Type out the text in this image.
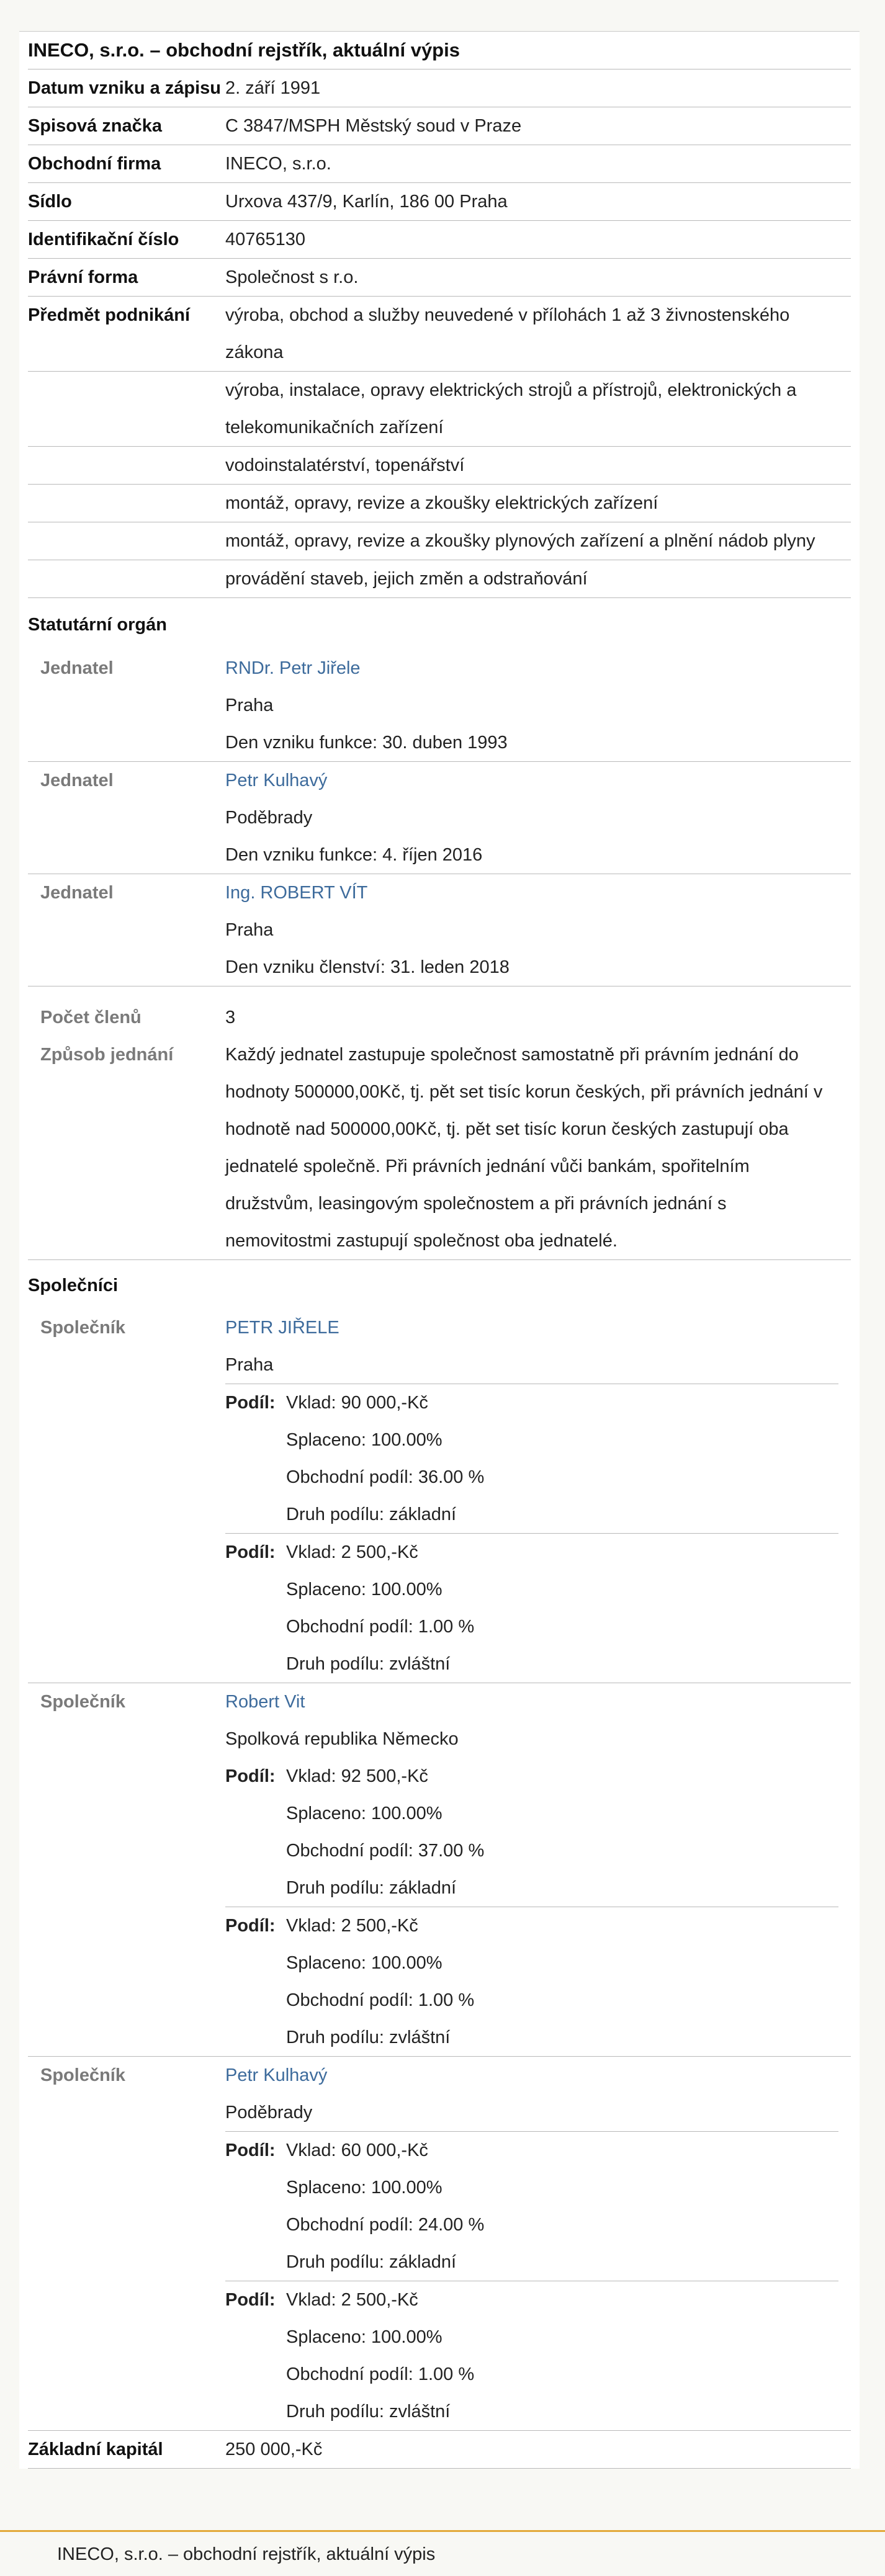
INECO, s.r.o. – obchodní rejstřík, aktuální výpis
Datum vzniku a zápisu 2. září 1991
Spisová značka	C 3847/MSPH Městský soud v Praze
Obchodní firma	INECO, s.r.o.
Sídlo	Urxova 437/9, Karlín, 186 00 Praha
Identifikační číslo	40765130
Právní forma	Společnost s r.o.
Předmět podnikání	výroba, obchod a služby neuvedené v přílohách 1 až 3 živnostenského zákona
výroba, instalace, opravy elektrických strojů a přístrojů, elektronických a telekomunikačních zařízení
vodoinstalatérství, topenářství
montáž, opravy, revize a zkoušky elektrických zařízení
montáž, opravy, revize a zkoušky plynových zařízení a plnění nádob plyny
provádění staveb, jejich změn a odstraňování
Statutární orgán
Jednatel	RNDr. Petr Jiřele
Praha
Den vzniku funkce: 30. duben 1993
Jednatel	Petr Kulhavý
Poděbrady
Den vzniku funkce: 4. říjen 2016
Jednatel	Ing. ROBERT VÍT
Praha
Den vzniku členství: 31. leden 2018
Počet členů	3
Způsob jednání	Každý jednatel zastupuje společnost samostatně při právním jednání do
hodnoty 500000,00Kč, tj. pět set tisíc korun českých, při právních jednání v
hodnotě nad 500000,00Kč, tj. pět set tisíc korun českých zastupují oba
jednatelé společně. Při právních jednání vůči bankám, spořitelním
družstvům, leasingovým společnostem a při právních jednání s
nemovitostmi zastupují společnost oba jednatelé.
Společníci
Společník	PETR JIŘELE
Praha
Podíl: Vklad: 90 000,-Kč
Splaceno: 100.00%
Obchodní podíl: 36.00 %
Druh podílu: základní
Podíl: Vklad: 2 500,-Kč
Splaceno: 100.00%
Obchodní podíl: 1.00 %
Druh podílu: zvláštní
Společník	Robert Vit
Spolková republika Německo
Podíl: Vklad: 92 500,-Kč
Splaceno: 100.00%
Obchodní podíl: 37.00 %
Druh podílu: základní
Podíl: Vklad: 2 500,-Kč
Splaceno: 100.00%
Obchodní podíl: 1.00 %
Druh podílu: zvláštní
Společník	Petr Kulhavý
Poděbrady
Podíl: Vklad: 60 000,-Kč
Splaceno: 100.00%
Obchodní podíl: 24.00 %
Druh podílu: základní
Podíl: Vklad: 2 500,-Kč
Splaceno: 100.00%
Obchodní podíl: 1.00 %
Druh podílu: zvláštní
Základní kapitál	250 000,-Kč
INECO, s.r.o. – obchodní rejstřík, aktuální výpis
